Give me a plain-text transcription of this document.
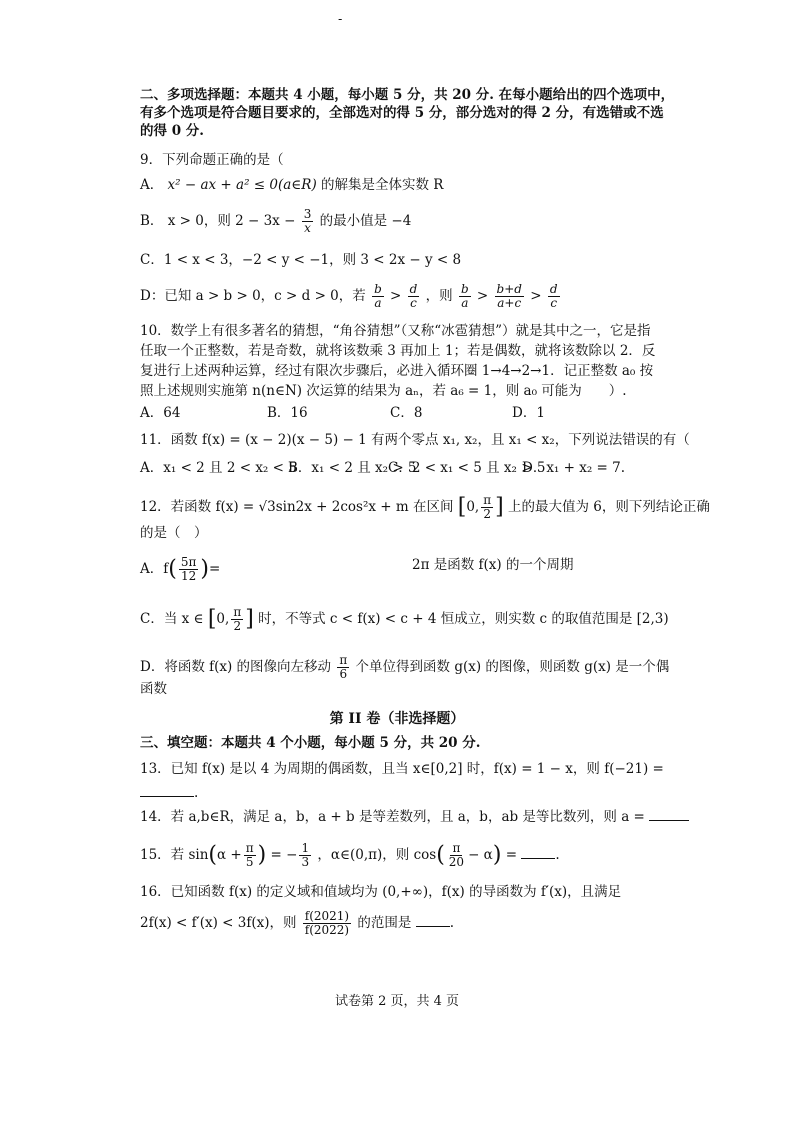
-
二、多项选择题：本题共 4 小题，每小题 5 分，共 20 分. 在每小题给出的四个选项中，
有多个选项是符合题目要求的，全部选对的得 5 分，部分选对的得 2 分，有选错或不选
的得 0 分.
9．下列命题正确的是（
A． x² − ax + a² ≤ 0(a∈R) 的解集是全体实数 R
B． x > 0，则 $2 - 3x - \frac{3}{x}$ 的最小值是 −4
C．1 < x < 3，−2 < y < −1，则 3 < 2x − y < 8
D：已知 a > b > 0，c > d > 0，若 $\frac{b}{a} > \frac{d}{c}$ ，则 $\frac{b}{a} > \frac{b+d}{a+c} > \frac{d}{c}$
10．数学上有很多著名的猜想，“角谷猜想”（又称“冰雹猜想”）就是其中之一，它是指
任取一个正整数，若是奇数，就将该数乘 3 再加上 1；若是偶数，就将该数除以 2．反
复进行上述两种运算，经过有限次步骤后，必进入循环圈 1→4→2→1．记正整数 a₀ 按
照上述规则实施第 n(n∈N) 次运算的结果为 aₙ，若 a₆ = 1，则 a₀ 可能为　　）.
A．64	B．16	C．8	D．1
11．函数 f(x) = (x − 2)(x − 5) − 1 有两个零点 x₁, x₂，且 x₁ < x₂，下列说法错误的有（
A．x₁ < 2 且 2 < x₂ < 5
B．x₁ < 2 且 x₂ > 5
C．2 < x₁ < 5 且 x₂ > 5
D．x₁ + x₂ = 7.
12．若函数 f(x) = √3sin2x + 2cos²x + m 在区间 [0, $\frac{\pi}{2}$ ] 上的最大值为 6，则下列结论正确
的是（　）
A．$f( \frac{5\pi}{12}$ )=	2π 是函数 f(x) 的一个周期
C．当 x ∈ [0, $\frac{\pi}{2}$ ] 时，不等式 c < f(x) < c + 4 恒成立，则实数 c 的取值范围是 [2,3)
D．将函数 f(x) 的图像向左移动 $\frac{\pi}{6}$ 个单位得到函数 g(x) 的图像，则函数 g(x) 是一个偶
函数
第 II 卷（非选择题）
三、填空题：本题共 4 个小题，每小题 5 分，共 20 分.
13．已知 f(x) 是以 4 为周期的偶函数，且当 x∈[0,2] 时，f(x) = 1 − x，则 f(−21) =
.
14．若 a,b∈R，满足 a，b，a + b 是等差数列，且 a，b，ab 是等比数列，则 a =
15．若 $\sin(\alpha + \frac{\pi}{5}$ ) = − $\frac{1}{3}$ ，α∈(0,π)，则 $\cos( \frac{\pi}{20} - \alpha)$ =	.
16．已知函数 f(x) 的定义域和值域均为 (0,+∞)，f(x) 的导函数为 f′(x)，且满足
2f(x) < f′(x) < 3f(x)，则 $\frac{f(2021)}{f(2022)}$ 的范围是	.
试卷第 2 页，共 4 页
